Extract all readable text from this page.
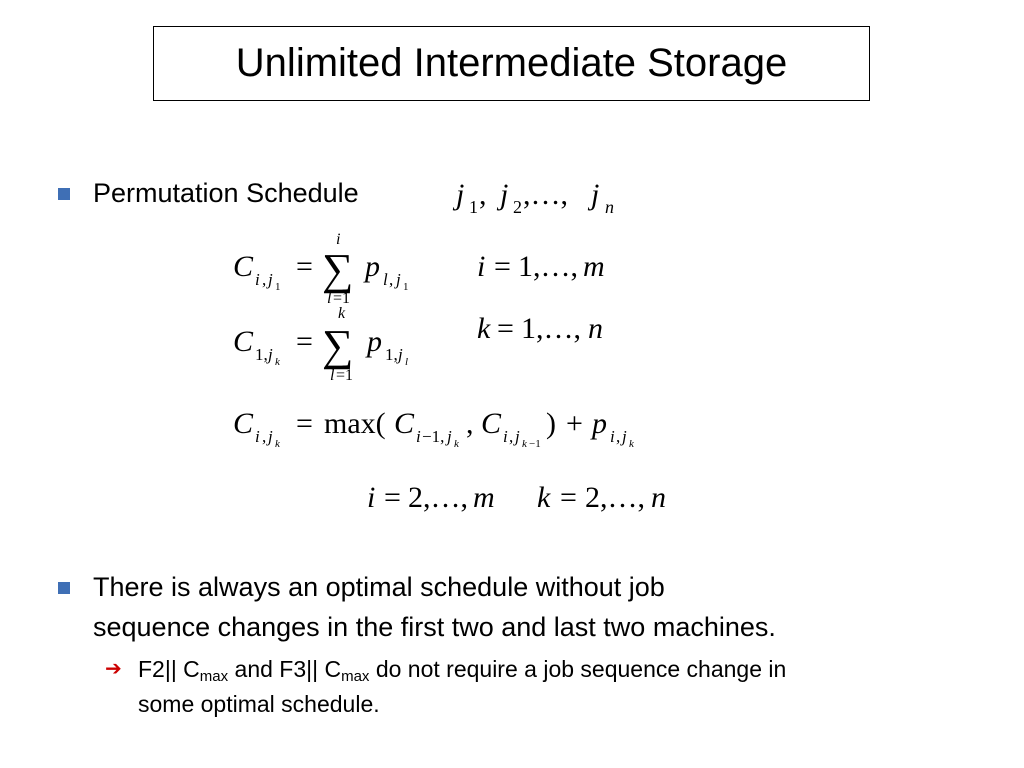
Unlimited Intermediate Storage
Permutation Schedule	j 1 , j 2 ,…, j n
C i , j 1
=
i
∑
l =1
p l , j 1
i = 1,…, m
C 1, j k
=
k
∑
l =1
p 1, j l
k = 1,…, n
C i , j k
= max( C i −1, j k
, C i , j k −1
) + p i , j k
i = 2,…, m k = 2,…, n
There is always an optimal schedule without job
sequence changes in the first two and last two machines.
➔ F2|| $C_{max}$ and F3|| $C_{max}$ do not require a job sequence change in
some optimal schedule.
